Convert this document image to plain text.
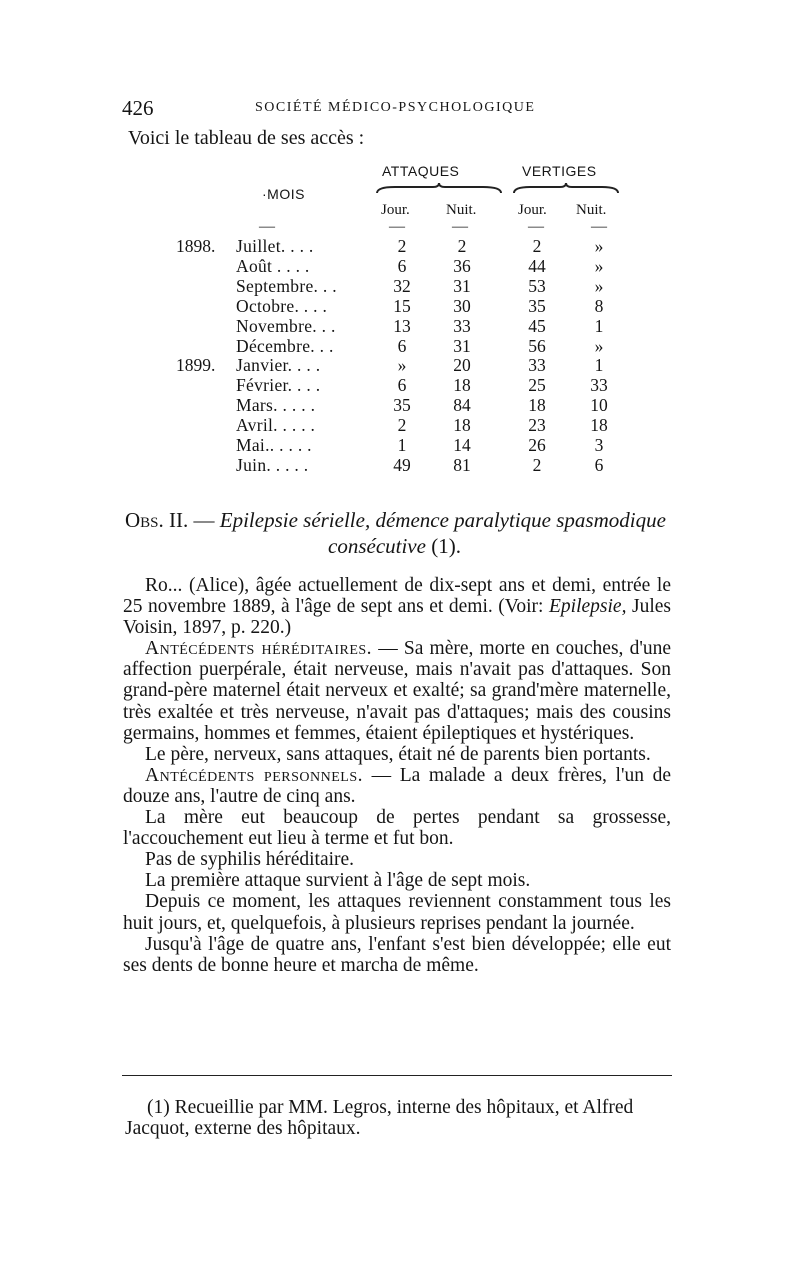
426	SOCIÉTÉ MÉDICO-PSYCHOLOGIQUE
Voici le tableau de ses accès :
·MOIS
ATTAQUES	VERTIGES
Jour. Nuit.	Jour. Nuit.
—	—	—	—	—
1898. Juillet. . . .	2	2	2	»
Août . . . .	6	36	44	»
Septembre. . .	32	31	53	»
Octobre. . . .	15	30	35	8
Novembre. . .	13	33	45	1
Décembre. . .	6	31	56	»
1899. Janvier. . . .	»	20	33	1
Février. . . .	6	18	25	33
Mars. . . . .	35	84	18	10
Avril. . . . .	2	18	23	18
Mai.. . . . .	1	14	26	3
Juin. . . . .	49	81	2	6
Obs. II. — Epilepsie sérielle, démence paralytique spasmodique
consécutive (1).

Ro... (Alice), âgée actuellement de dix-sept ans et demi, entrée le 25 novembre 1889, à l'âge de sept ans et demi. (Voir: Epilepsie, Jules Voisin, 1897, p. 220.)

Antécédents héréditaires. — Sa mère, morte en couches, d'une affection puerpérale, était nerveuse, mais n'avait pas d'attaques. Son grand-père maternel était nerveux et exalté; sa grand'mère maternelle, très exaltée et très nerveuse, n'avait pas d'attaques; mais des cousins germains, hommes et femmes, étaient épileptiques et hystériques.

Le père, nerveux, sans attaques, était né de parents bien portants.

Antécédents personnels. — La malade a deux frères, l'un de douze ans, l'autre de cinq ans.

La mère eut beaucoup de pertes pendant sa grossesse, l'accouchement eut lieu à terme et fut bon.

Pas de syphilis héréditaire.

La première attaque survient à l'âge de sept mois.

Depuis ce moment, les attaques reviennent constamment tous les huit jours, et, quelquefois, à plusieurs reprises pendant la journée.

Jusqu'à l'âge de quatre ans, l'enfant s'est bien développée; elle eut ses dents de bonne heure et marcha de même.

(1) Recueillie par MM. Legros, interne des hôpitaux, et Alfred Jacquot, externe des hôpitaux.
